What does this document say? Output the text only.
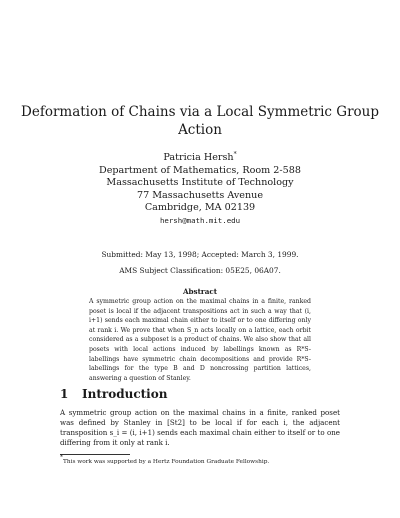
Deformation of Chains via a Local Symmetric Group Action
Patricia Hersh*
Department of Mathematics, Room 2-588
Massachusetts Institute of Technology
77 Massachusetts Avenue
Cambridge, MA 02139
hersh@math.mit.edu
Submitted: May 13, 1998; Accepted: March 3, 1999.
AMS Subject Classification: 05E25, 06A07.
Abstract
A symmetric group action on the maximal chains in a finite, ranked poset is local if the adjacent transpositions act in such a way that (i, i+1) sends each maximal chain either to itself or to one differing only at rank i. We prove that when S_n acts locally on a lattice, each orbit considered as a subposet is a product of chains. We also show that all posets with local actions induced by labellings known as R*S-labellings have symmetric chain decompositions and provide R*S-labellings for the type B and D noncrossing partition lattices, answering a question of Stanley.
1 Introduction
A symmetric group action on the maximal chains in a finite, ranked poset was defined by Stanley in [St2] to be local if for each i, the adjacent transposition s_i = (i, i+1) sends each maximal chain either to itself or to one differing from it only at rank i.
*This work was supported by a Hertz Foundation Graduate Fellowship.
